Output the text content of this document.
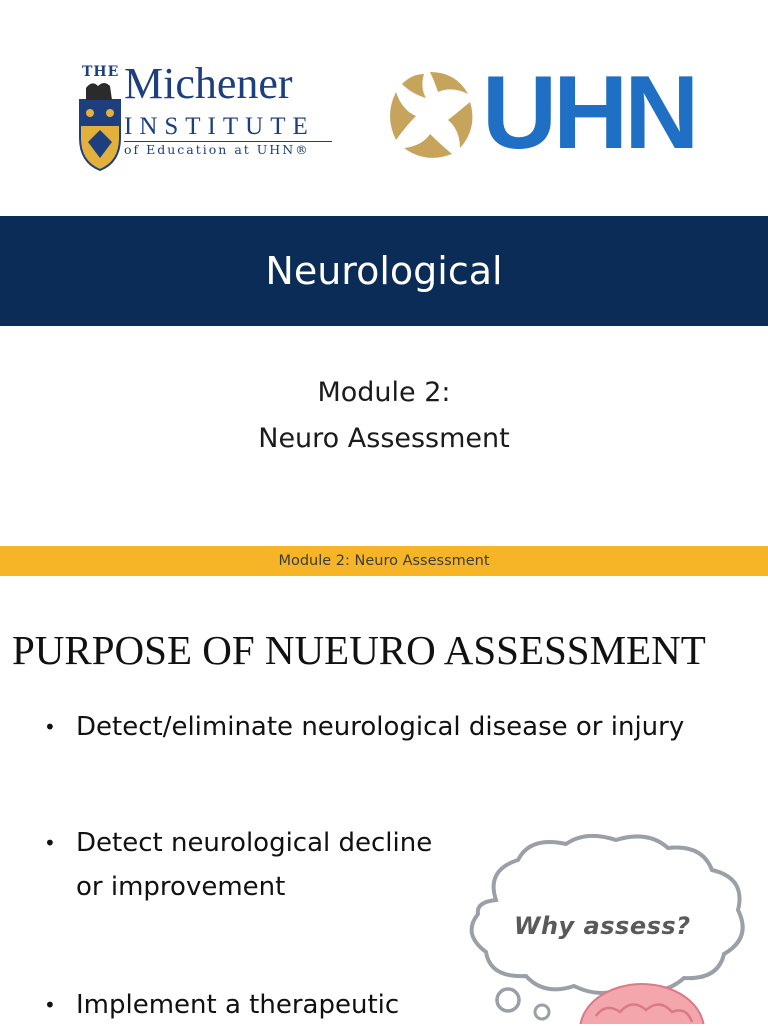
THE Michener
INSTITUTE
of Education at UHN® UHN
Neurological
Module 2:
Neuro Assessment
Module 2: Neuro Assessment
PURPOSE OF NUEURO ASSESSMENT
• Detect/eliminate neurological disease or injury
• Detect neurological decline
or improvement
• Implement a therapeutic
Why assess?
